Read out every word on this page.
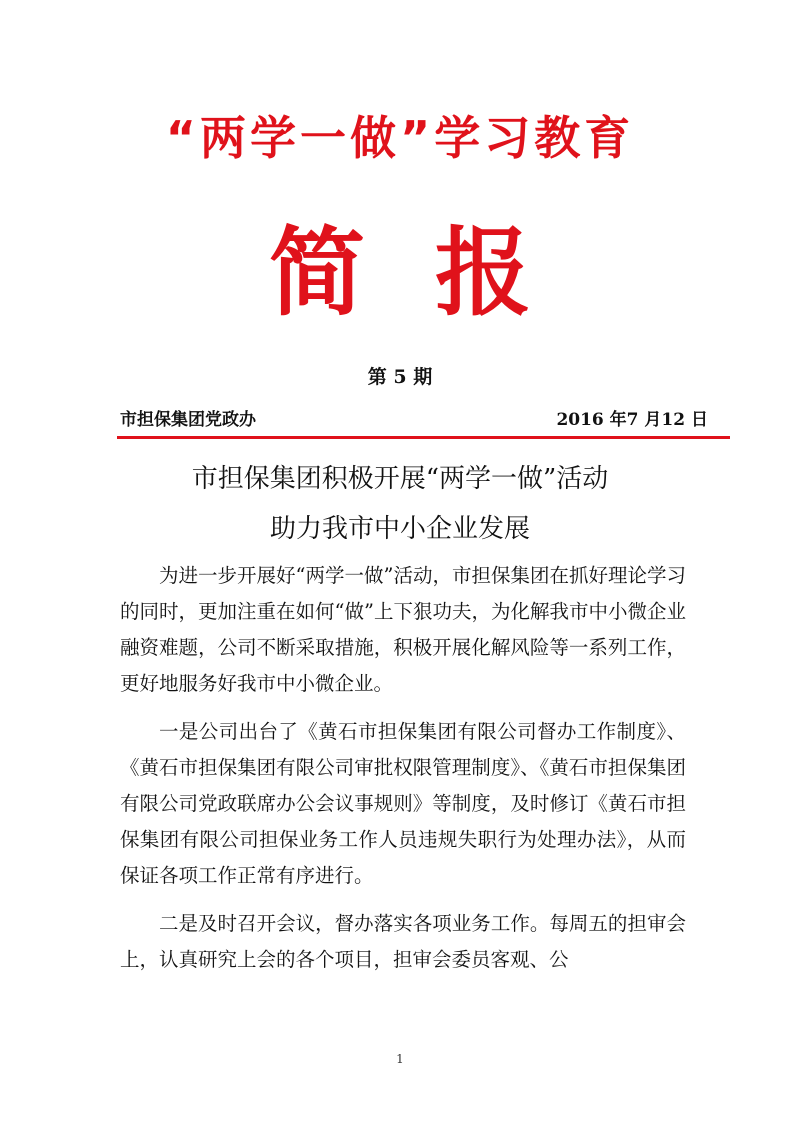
“两学一做”学习教育
简 报
第 5 期
市担保集团党政办	2016 年7 月12 日
市担保集团积极开展“两学一做”活动
助力我市中小企业发展

为进一步开展好“两学一做”活动，市担保集团在抓好理论学习的同时，更加注重在如何“做”上下狠功夫，为化解我市中小微企业融资难题，公司不断采取措施，积极开展化解风险等一系列工作，更好地服务好我市中小微企业。

一是公司出台了《黄石市担保集团有限公司督办工作制度》、《黄石市担保集团有限公司审批权限管理制度》、《黄石市担保集团有限公司党政联席办公会议事规则》等制度，及时修订《黄石市担保集团有限公司担保业务工作人员违规失职行为处理办法》，从而保证各项工作正常有序进行。

二是及时召开会议，督办落实各项业务工作。每周五的担审会上，认真研究上会的各个项目，担审会委员客观、公

1
